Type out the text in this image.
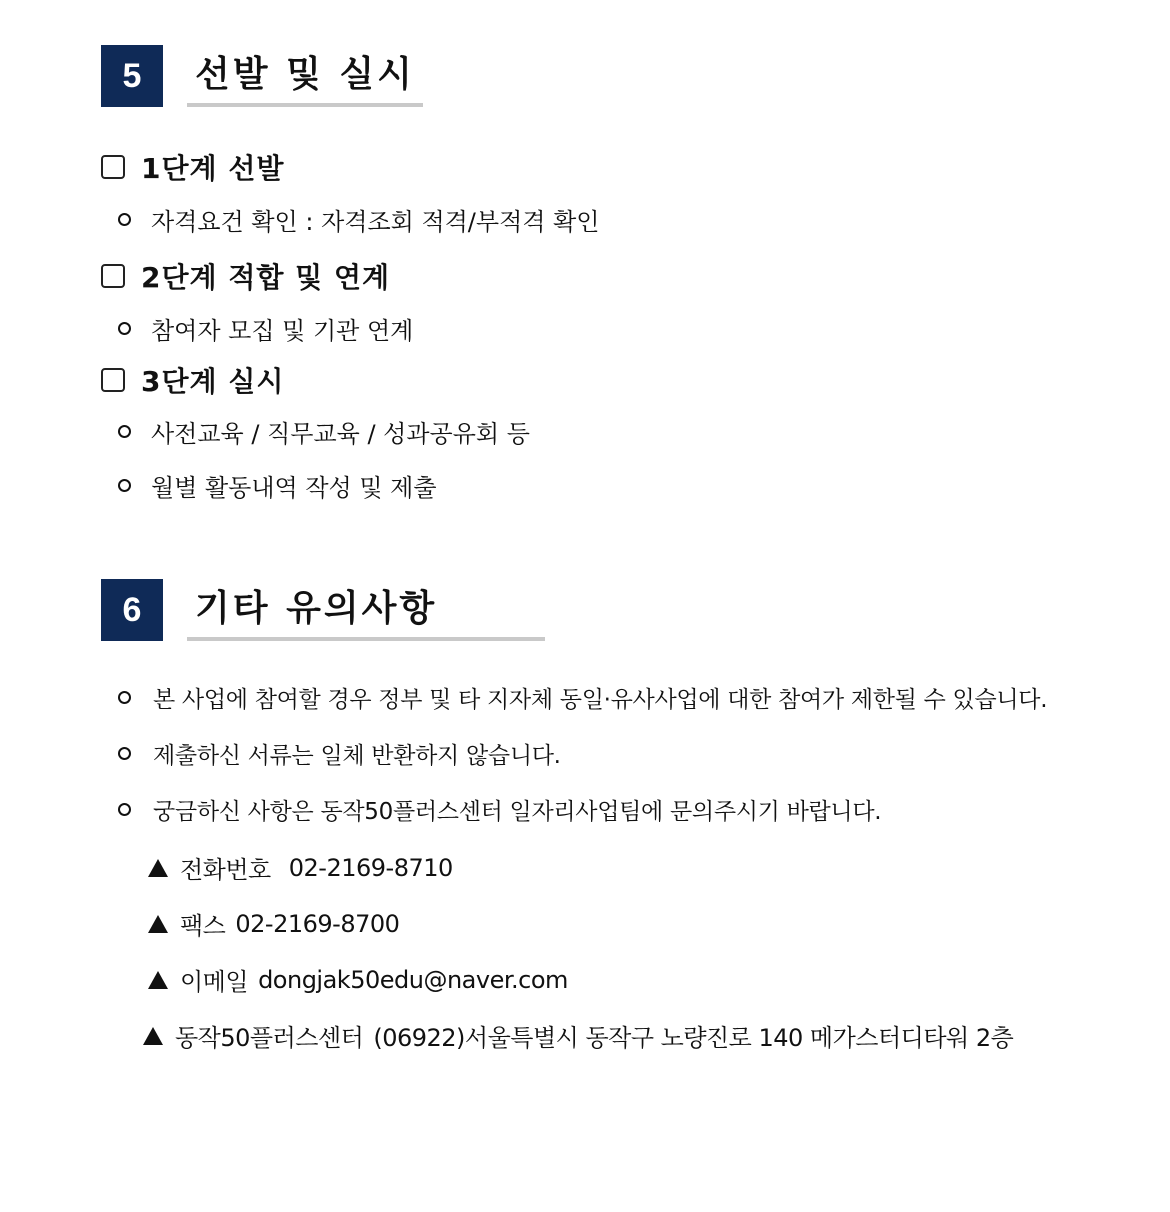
5	선발 및 실시
1단계 선발
자격요건 확인 : 자격조회 적격/부적격 확인
2단계 적합 및 연계
참여자 모집 및 기관 연계
3단계 실시
사전교육 / 직무교육 / 성과공유회 등
월별 활동내역 작성 및 제출
6	기타 유의사항
본 사업에 참여할 경우 정부 및 타 지자체 동일·유사사업에 대한 참여가 제한될 수 있습니다.
제출하신 서류는 일체 반환하지 않습니다.
궁금하신 사항은 동작50플러스센터 일자리사업팀에 문의주시기 바랍니다.
전화번호 02-2169-8710
팩스 02-2169-8700
이메일 dongjak50edu@naver.com
동작50플러스센터 (06922)서울특별시 동작구 노량진로 140 메가스터디타워 2층
